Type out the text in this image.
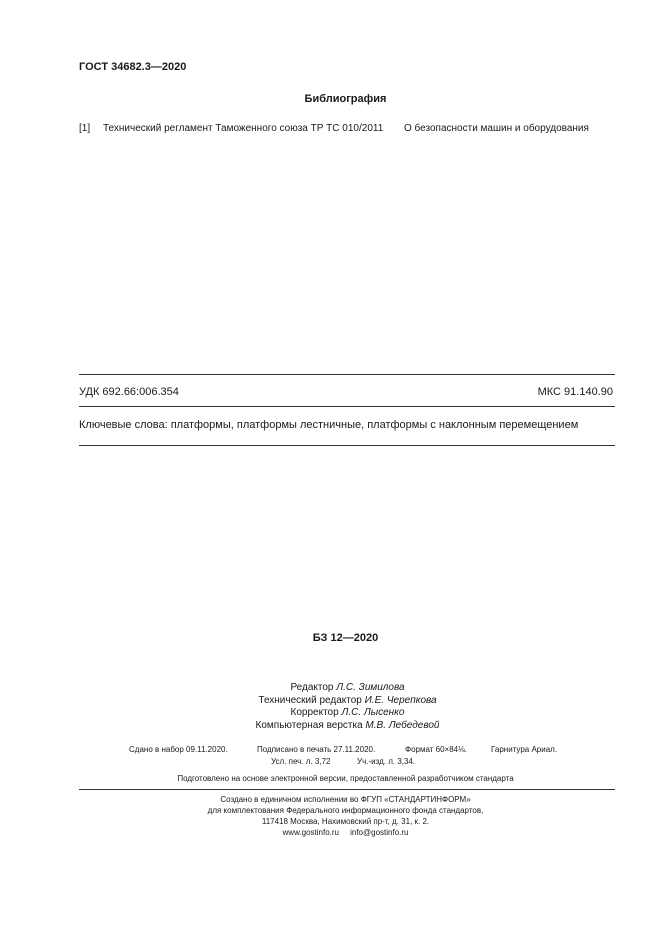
ГОСТ 34682.3—2020
Библиография
[1] Технический регламент Таможенного союза ТР ТС 010/2011 О безопасности машин и оборудования
УДК 692.66:006.354	МКС 91.140.90
Ключевые слова: платформы, платформы лестничные, платформы с наклонным перемещением
БЗ 12—2020
Редактор Л.С. Зимилова
Технический редактор И.Е. Черепкова
Корректор Л.С. Лысенко
Компьютерная верстка М.В. Лебедевой
Сдано в набор 09.11.2020.	Подписано в печать 27.11.2020.	Формат 60×84⅛.	Гарнитура Ариал.
Усл. печ. л. 3,72	Уч.-изд. л. 3,34.
Подготовлено на основе электронной версии, предоставленной разработчиком стандарта
Создано в единичном исполнении во ФГУП «СТАНДАРТИНФОРМ»
для комплектования Федерального информационного фонда стандартов,
117418 Москва, Нахимовский пр-т, д. 31, к. 2.
www.gostinfo.ru     info@gostinfo.ru
